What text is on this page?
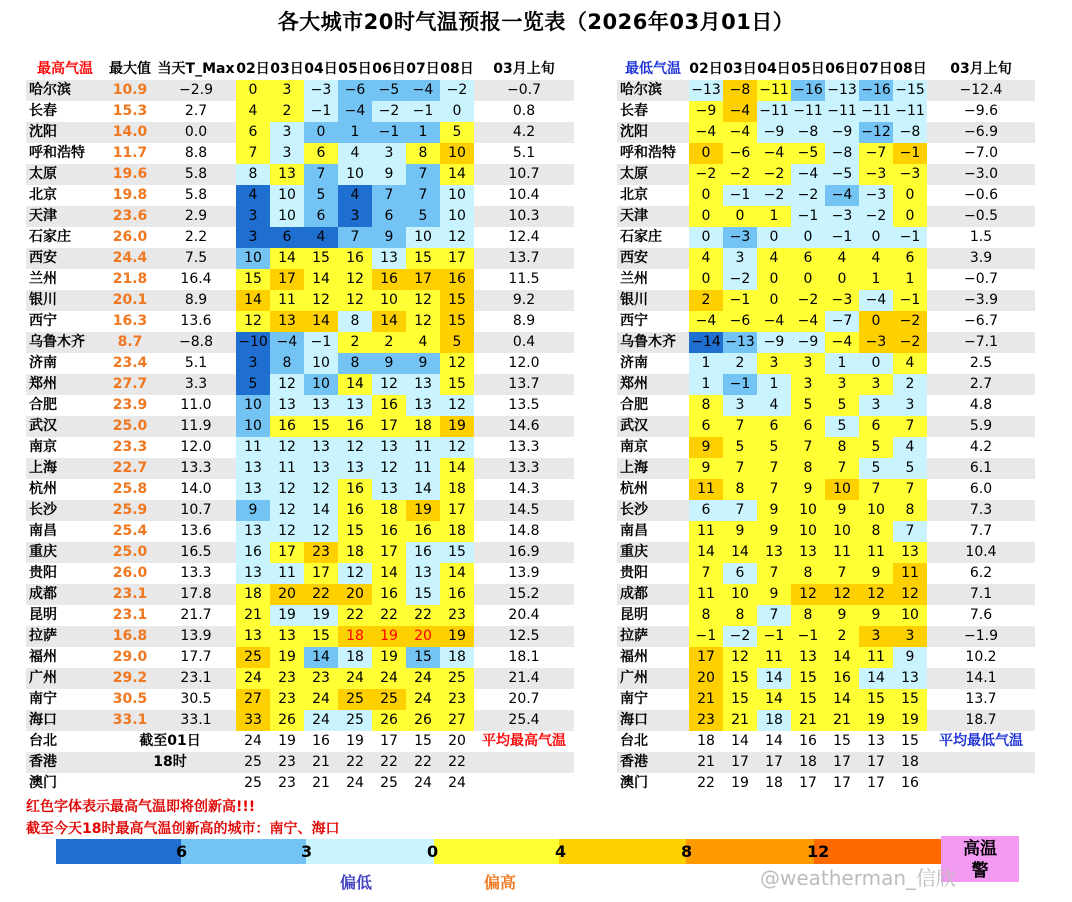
各大城市20时气温预报一览表（2026年03月01日）
最高气温	最大值	当天T_Max	02日	03日	04日	05日	06日	07日	08日	03月上旬
哈尔滨	10.9	−2.9	0	3	−3	−6	−5	−4	−2	−0.7
长春	15.3	2.7	4	2	−1	−4	−2	−1	0	0.8
沈阳	14.0	0.0	6	3	0	1	−1	1	5	4.2
呼和浩特	11.7	8.8	7	3	6	4	3	8	10	5.1
太原	19.6	5.8	8	13	7	10	9	7	14	10.7
北京	19.8	5.8	4	10	5	4	7	7	10	10.4
天津	23.6	2.9	3	10	6	3	6	5	10	10.3
石家庄	26.0	2.2	3	6	4	7	9	10	12	12.4
西安	24.4	7.5	10	14	15	16	13	15	17	13.7
兰州	21.8	16.4	15	17	14	12	16	17	16	11.5
银川	20.1	8.9	14	11	12	12	10	12	15	9.2
西宁	16.3	13.6	12	13	14	8	14	12	15	8.9
乌鲁木齐	8.7	−8.8	−10	−4	−1	2	2	4	5	0.4
济南	23.4	5.1	3	8	10	8	9	9	12	12.0
郑州	27.7	3.3	5	12	10	14	12	13	15	13.7
合肥	23.9	11.0	10	13	13	13	16	13	12	13.5
武汉	25.0	11.9	10	16	15	16	17	18	19	14.6
南京	23.3	12.0	11	12	13	12	13	11	12	13.3
上海	22.7	13.3	13	11	13	13	12	11	14	13.3
杭州	25.8	14.0	13	12	12	16	13	14	18	14.3
长沙	25.9	10.7	9	12	14	16	18	19	17	14.5
南昌	25.4	13.6	13	12	12	15	16	16	18	14.8
重庆	25.0	16.5	16	17	23	18	17	16	15	16.9
贵阳	26.0	13.3	13	11	17	12	14	13	14	13.9
成都	23.1	17.8	18	20	22	20	16	15	16	15.2
昆明	23.1	21.7	21	19	19	22	22	22	23	20.4
拉萨	16.8	13.9	13	13	15	18	19	20	19	12.5
福州	29.0	17.7	25	19	14	18	19	15	18	18.1
广州	29.2	23.1	24	23	23	24	24	24	25	21.4
南宁	30.5	30.5	27	23	24	25	25	24	23	20.7
海口	33.1	33.1	33	26	24	25	26	26	27	25.4
台北	截至01日		24	19	16	19	17	15	20	平均最高气温
香港	18时		25	23	21	22	22	22	22	
澳门			25	23	21	24	25	24	24	
最低气温	02日	03日	04日	05日	06日	07日	08日	03月上旬
哈尔滨	−13	−8	−11	−16	−13	−16	−15	−12.4
长春	−9	−4	−11	−11	−11	−11	−11	−9.6
沈阳	−4	−4	−9	−8	−9	−12	−8	−6.9
呼和浩特	0	−6	−4	−5	−8	−7	−1	−7.0
太原	−2	−2	−2	−4	−5	−3	−3	−3.0
北京	0	−1	−2	−2	−4	−3	0	−0.6
天津	0	0	1	−1	−3	−2	0	−0.5
石家庄	0	−3	0	0	−1	0	−1	1.5
西安	4	3	4	6	4	4	6	3.9
兰州	0	−2	0	0	0	1	1	−0.7
银川	2	−1	0	−2	−3	−4	−1	−3.9
西宁	−4	−6	−4	−4	−7	0	−2	−6.7
乌鲁木齐	−14	−13	−9	−9	−4	−3	−2	−7.1
济南	1	2	3	3	1	0	4	2.5
郑州	1	−1	1	3	3	3	2	2.7
合肥	8	3	4	5	5	3	3	4.8
武汉	6	7	6	6	5	6	7	5.9
南京	9	5	5	7	8	5	4	4.2
上海	9	7	7	8	7	5	5	6.1
杭州	11	8	7	9	10	7	7	6.0
长沙	6	7	9	10	9	10	8	7.3
南昌	11	9	9	10	10	8	7	7.7
重庆	14	14	13	13	11	11	13	10.4
贵阳	7	6	7	8	7	9	11	6.2
成都	11	10	9	12	12	12	12	7.1
昆明	8	8	7	8	9	9	10	7.6
拉萨	−1	−2	−1	−1	2	3	3	−1.9
福州	17	12	11	13	14	11	9	10.2
广州	20	15	14	15	16	14	13	14.1
南宁	21	15	14	15	14	15	15	13.7
海口	23	21	18	21	21	19	19	18.7
台北	18	14	14	16	15	13	15	平均最低气温
香港	21	17	17	18	17	17	18	
澳门	22	19	18	17	17	17	16	
红色字体表示最高气温即将创新高!!!
截至今天18时最高气温创新高的城市：南宁、海口
6	3	0	4	8	12	高温
警
偏低	偏高	@weatherman_信欣
